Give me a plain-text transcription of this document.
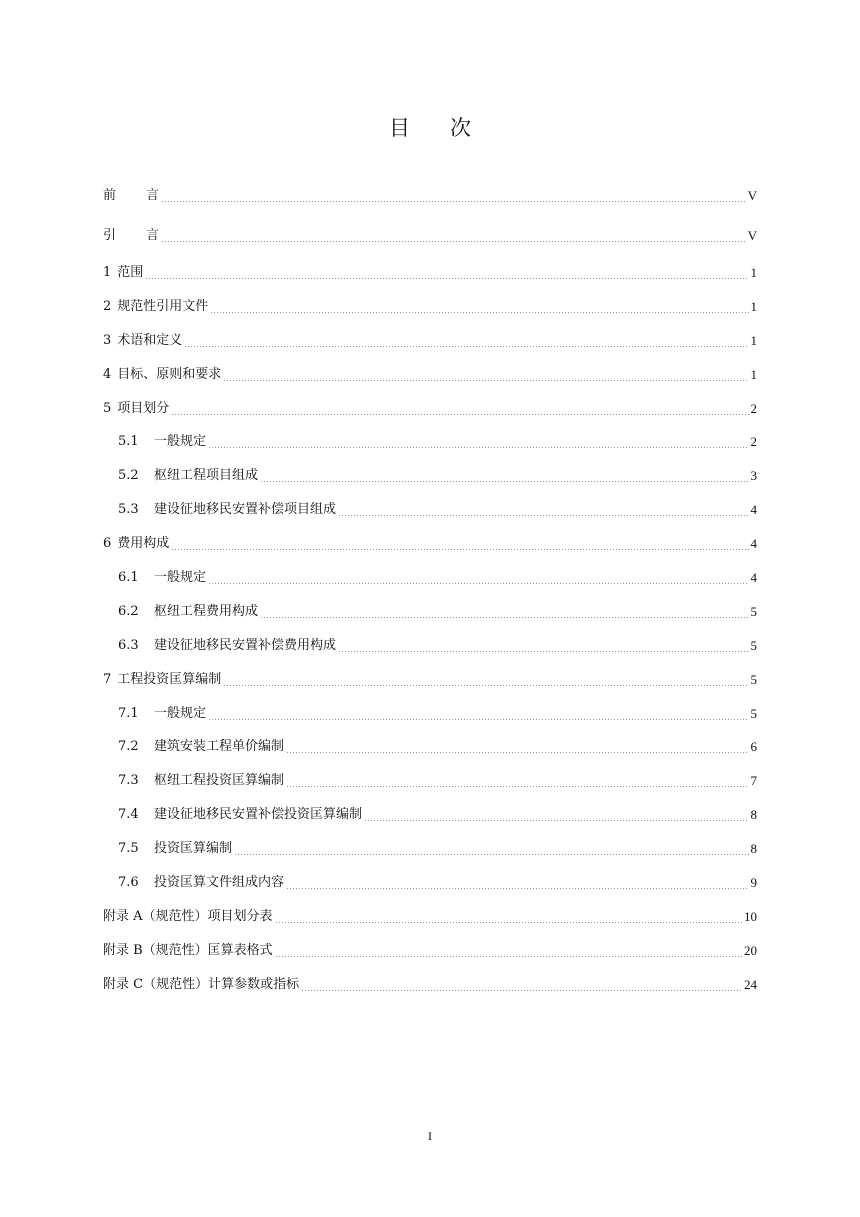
目 次
前 言	V
引 言	V
1 范围	1
2 规范性引用文件	1
3 术语和定义	1
4 目标、原则和要求	1
5 项目划分	2
5.1	一般规定	2
5.2	枢纽工程项目组成	3
5.3	建设征地移民安置补偿项目组成	4
6 费用构成	4
6.1	一般规定	4
6.2	枢纽工程费用构成	5
6.3	建设征地移民安置补偿费用构成	5
7 工程投资匡算编制	5
7.1	一般规定	5
7.2	建筑安装工程单价编制	6
7.3	枢纽工程投资匡算编制	7
7.4	建设征地移民安置补偿投资匡算编制	8
7.5	投资匡算编制	8
7.6	投资匡算文件组成内容	9
附录 A（规范性）项目划分表	10
附录 B（规范性）匡算表格式	20
附录 C（规范性）计算参数或指标	24
I
